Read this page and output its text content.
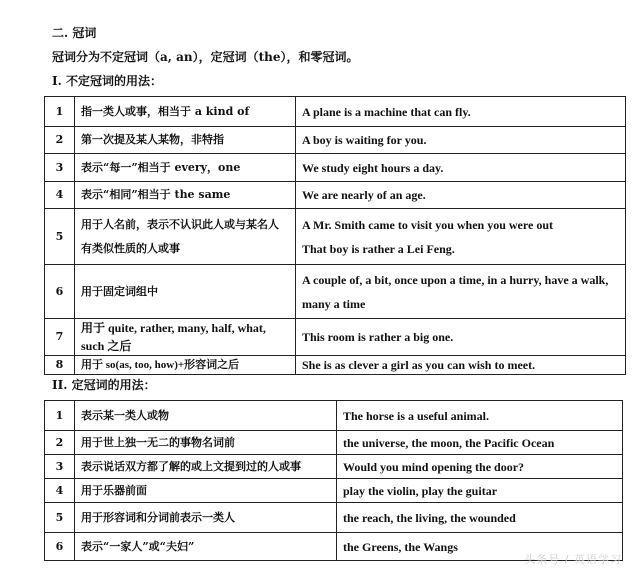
二. 冠词
冠词分为不定冠词（a, an），定冠词（the），和零冠词。
I. 不定冠词的用法：
1	指一类人或事，相当于 a kind of	A plane is a machine that can fly.
2	第一次提及某人某物，非特指	A boy is waiting for you.
3	表示“每一”相当于 every，one	We study eight hours a day.
4	表示“相同”相当于 the same	We are nearly of an age.
5	用于人名前，表示不认识此人或与某名人有类似性质的人或事	A Mr. Smith came to visit you when you were out
That boy is rather a Lei Feng.

6	用于固定词组中	A couple of, a bit, once upon a time, in a hurry, have a walk, many a time
7	用于 quite, rather, many, half, what, such 之后	This room is rather a big one.
8	用于 so(as, too, how)+形容词之后	She is as clever a girl as you can wish to meet.
II. 定冠词的用法：
1	表示某一类人或物	The horse is a useful animal.
2	用于世上独一无二的事物名词前	the universe, the moon, the Pacific Ocean
3	表示说话双方都了解的或上文提到过的人或事	Would you mind opening the door?
4	用于乐器前面	play the violin, play the guitar
5	用于形容词和分词前表示一类人	the reach, the living, the wounded
6	表示“一家人”或“夫妇”	the Greens, the Wangs
头条号 / 英语学习
